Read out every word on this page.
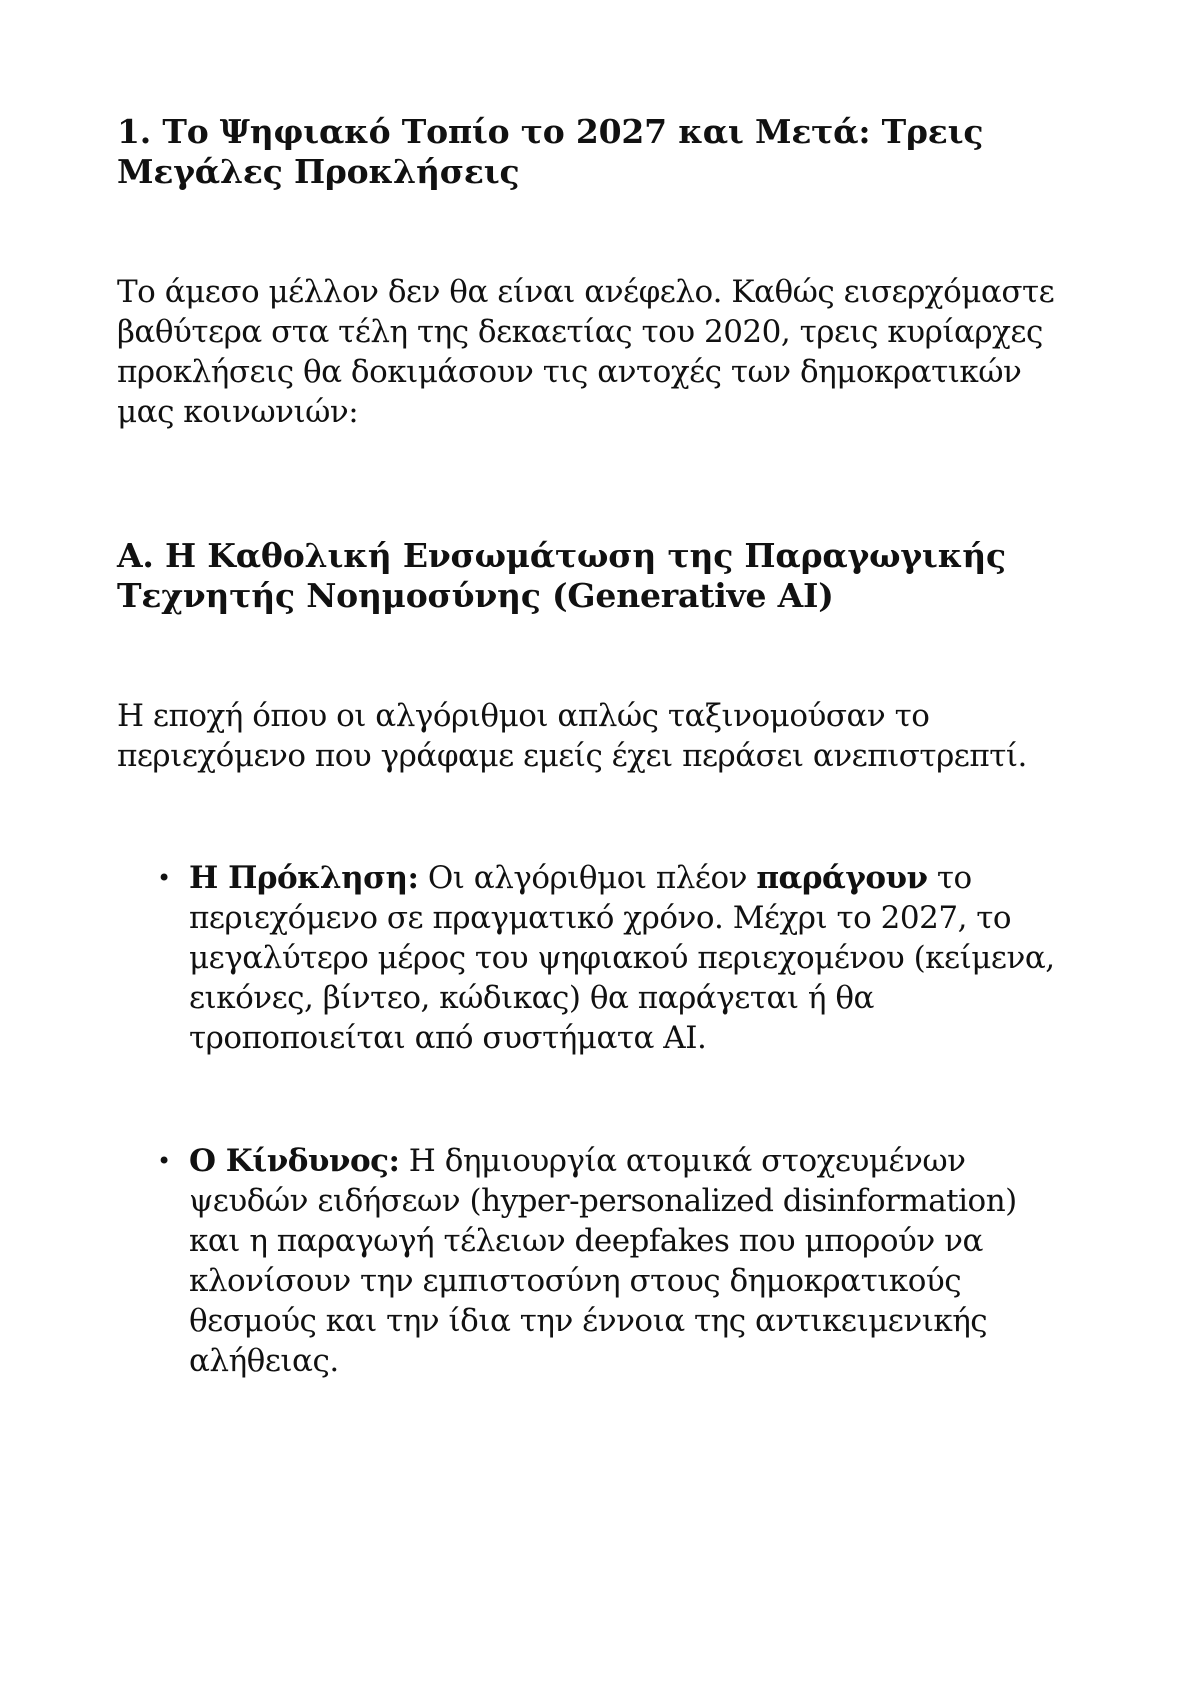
1. Το Ψηφιακό Τοπίο το 2027 και Μετά: Τρεις Μεγάλες Προκλήσεις

Το άμεσο μέλλον δεν θα είναι ανέφελο. Καθώς εισερχόμαστε βαθύτερα στα τέλη της δεκαετίας του 2020, τρεις κυρίαρχες προκλήσεις θα δοκιμάσουν τις αντοχές των δημοκρατικών μας κοινωνιών:

Α. Η Καθολική Ενσωμάτωση της Παραγωγικής Τεχνητής Νοημοσύνης (Generative AI)

Η εποχή όπου οι αλγόριθμοι απλώς ταξινομούσαν το περιεχόμενο που γράφαμε εμείς έχει περάσει ανεπιστρεπτί.

• Η Πρόκληση: Οι αλγόριθμοι πλέον παράγουν το περιεχόμενο σε πραγματικό χρόνο. Μέχρι το 2027, το μεγαλύτερο μέρος του ψηφιακού περιεχομένου (κείμενα, εικόνες, βίντεο, κώδικας) θα παράγεται ή θα τροποποιείται από συστήματα AI.
• Ο Κίνδυνος: Η δημιουργία ατομικά στοχευμένων ψευδών ειδήσεων (hyper-personalized disinformation) και η παραγωγή τέλειων deepfakes που μπορούν να κλονίσουν την εμπιστοσύνη στους δημοκρατικούς θεσμούς και την ίδια την έννοια της αντικειμενικής αλήθειας.
